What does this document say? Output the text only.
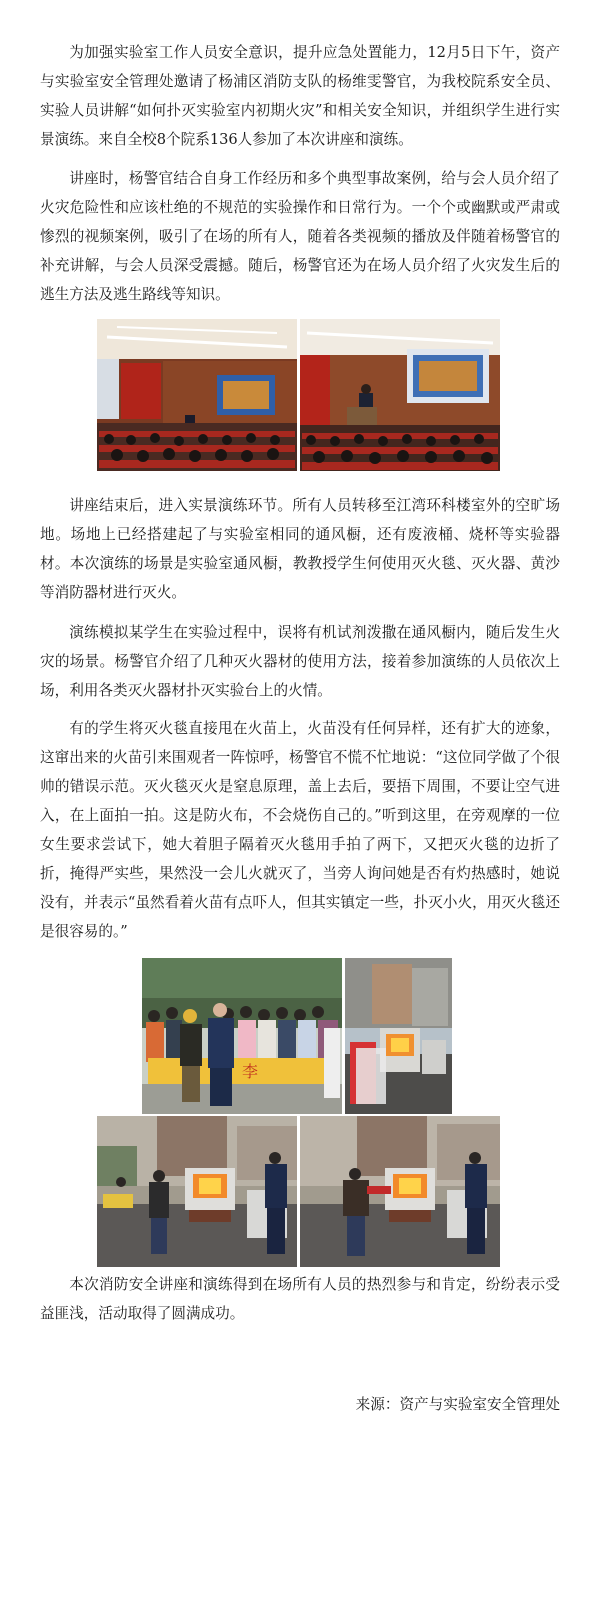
为加强实验室工作人员安全意识，提升应急处置能力，12月5日下午，资产与实验室安全管理处邀请了杨浦区消防支队的杨维雯警官，为我校院系安全员、实验人员讲解“如何扑灭实验室内初期火灾”和相关安全知识，并组织学生进行实景演练。来自全校8个院系136人参加了本次讲座和演练。

讲座时，杨警官结合自身工作经历和多个典型事故案例，给与会人员介绍了火灾危险性和应该杜绝的不规范的实验操作和日常行为。一个个或幽默或严肃或惨烈的视频案例，吸引了在场的所有人，随着各类视频的播放及伴随着杨警官的补充讲解，与会人员深受震撼。随后，杨警官还为在场人员介绍了火灾发生后的逃生方法及逃生路线等知识。

讲座结束后，进入实景演练环节。所有人员转移至江湾环科楼室外的空旷场地。场地上已经搭建起了与实验室相同的通风橱，还有废液桶、烧杯等实验器材。本次演练的场景是实验室通风橱，教教授学生何使用灭火毯、灭火器、黄沙等消防器材进行灭火。

演练模拟某学生在实验过程中，误将有机试剂泼撒在通风橱内，随后发生火灾的场景。杨警官介绍了几种灭火器材的使用方法，接着参加演练的人员依次上场，利用各类灭火器材扑灭实验台上的火情。

有的学生将灭火毯直接甩在火苗上，火苗没有任何异样，还有扩大的迹象，这窜出来的火苗引来围观者一阵惊呼，杨警官不慌不忙地说：“这位同学做了个很帅的错误示范。灭火毯灭火是窒息原理，盖上去后，要捂下周围，不要让空气进入，在上面拍一拍。这是防火布，不会烧伤自己的。”听到这里，在旁观摩的一位女生要求尝试下，她大着胆子隔着灭火毯用手拍了两下，又把灭火毯的边折了折，掩得严实些，果然没一会儿火就灭了，当旁人询问她是否有灼热感时，她说没有，并表示“虽然看着火苗有点吓人，但其实镇定一些，扑灭小火，用灭火毯还是很容易的。”

李

本次消防安全讲座和演练得到在场所有人员的热烈参与和肯定，纷纷表示受益匪浅，活动取得了圆满成功。

来源：资产与实验室安全管理处
